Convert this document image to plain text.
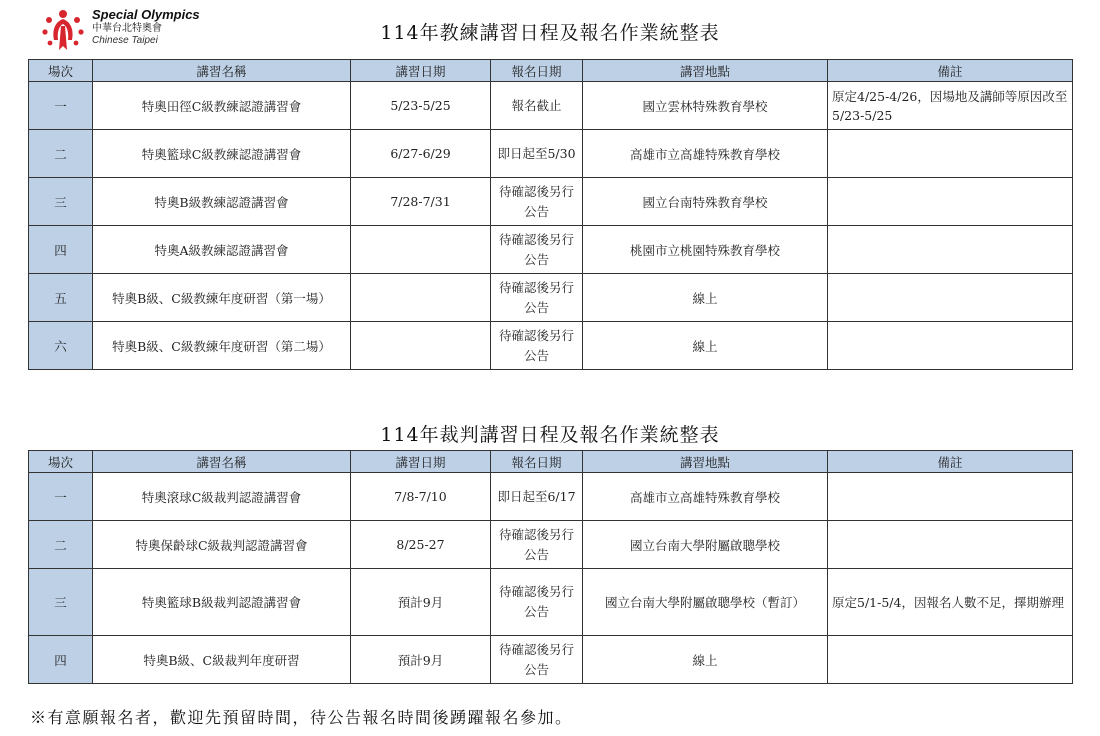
Special Olympics
中華台北特奧會
Chinese Taipei	114年教練講習日程及報名作業統整表
場次	講習名稱	講習日期	報名日期	講習地點	備註
一	特奧田徑C級教練認證講習會	5/23-5/25	報名截止	國立雲林特殊教育學校	原定4/25-4/26，因場地及講師等原因改至5/23-5/25
二	特奧籃球C級教練認證講習會	6/27-6/29	即日起至5/30	高雄市立高雄特殊教育學校	
三	特奧B級教練認證講習會	7/28-7/31	待確認後另行公告	國立台南特殊教育學校	
四	特奧A級教練認證講習會		待確認後另行公告	桃園市立桃園特殊教育學校	
五	特奧B級、C級教練年度研習（第一場）		待確認後另行公告	線上	
六	特奧B級、C級教練年度研習（第二場）		待確認後另行公告	線上	
114年裁判講習日程及報名作業統整表
場次	講習名稱	講習日期	報名日期	講習地點	備註
一	特奧滾球C級裁判認證講習會	7/8-7/10	即日起至6/17	高雄市立高雄特殊教育學校	
二	特奧保齡球C級裁判認證講習會	8/25-27	待確認後另行公告	國立台南大學附屬啟聰學校	
三	特奧籃球B級裁判認證講習會	預計9月	待確認後另行公告	國立台南大學附屬啟聰學校（暫訂）	原定5/1-5/4，因報名人數不足，擇期辦理
四	特奧B級、C級裁判年度研習	預計9月	待確認後另行公告	線上	
※有意願報名者，歡迎先預留時間，待公告報名時間後踴躍報名參加。
